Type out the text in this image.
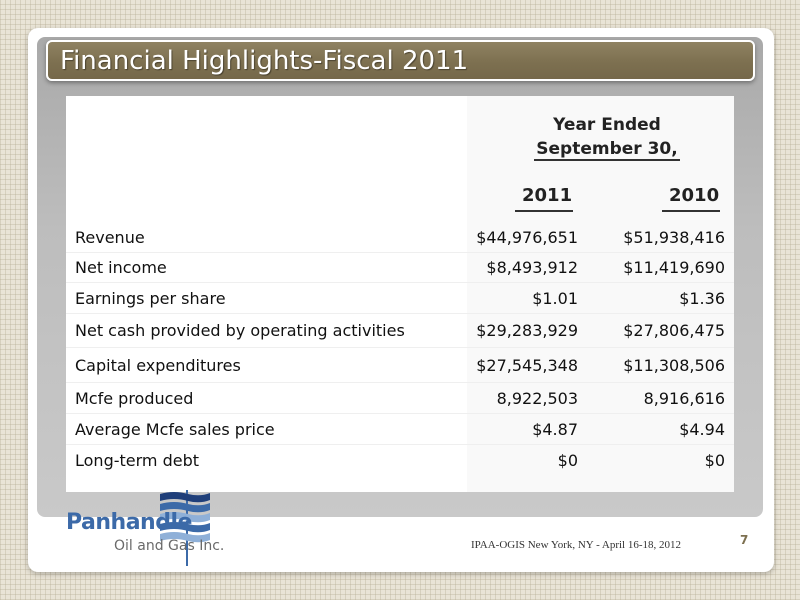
Financial Highlights-Fiscal 2011
Year Ended
September 30,
2011	2010
Revenue	$44,976,651	$51,938,416
Net income	$8,493,912	$11,419,690
Earnings per share	$1.01	$1.36
Net cash provided by operating activities	$29,283,929	$27,806,475
Capital expenditures	$27,545,348	$11,308,506
Mcfe produced	8,922,503	8,916,616
Average Mcfe sales price	$4.87	$4.94
Long-term debt	$0	$0
Panhandle
Oil and Gas Inc.	IPAA-OGIS New York, NY - April 16-18, 2012	7
